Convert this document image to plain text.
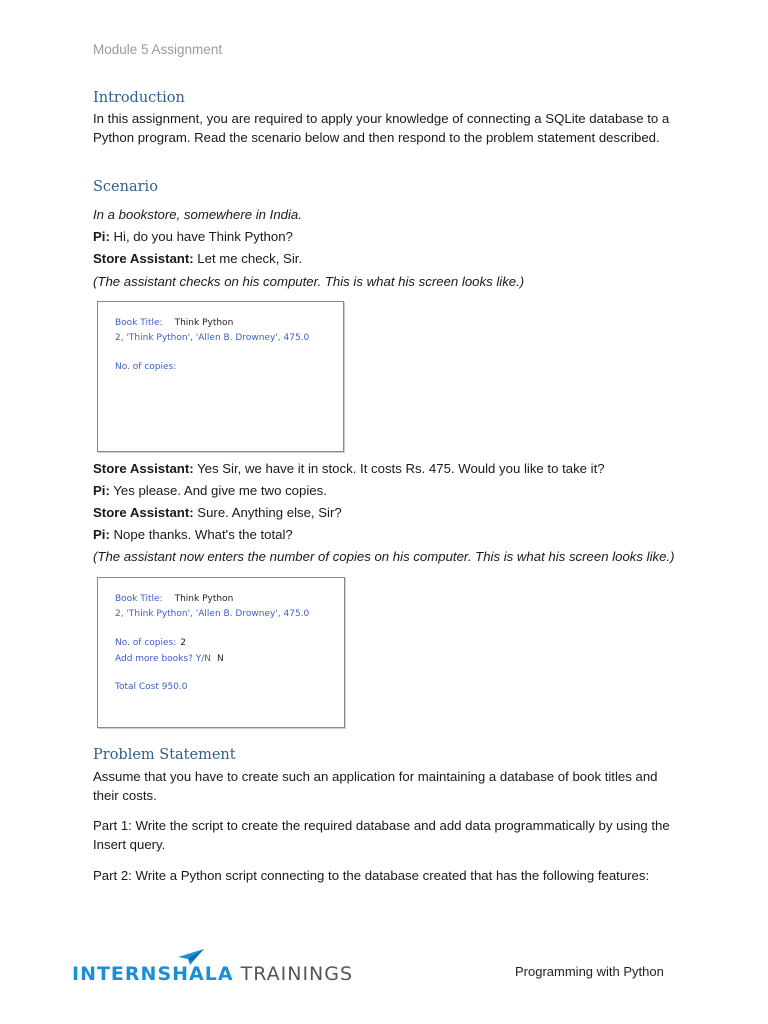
Module 5 Assignment
Introduction
In this assignment, you are required to apply your knowledge of connecting a SQLite database to a Python program. Read the scenario below and then respond to the problem statement described.
Scenario
In a bookstore, somewhere in India.
Pi: Hi, do you have Think Python?
Store Assistant: Let me check, Sir.
(The assistant checks on his computer. This is what his screen looks like.)
Book Title: Think Python
2, 'Think Python', 'Allen B. Drowney', 475.0
No. of copies:
Store Assistant: Yes Sir, we have it in stock. It costs Rs. 475. Would you like to take it?
Pi: Yes please. And give me two copies.
Store Assistant: Sure. Anything else, Sir?
Pi: Nope thanks. What's the total?
(The assistant now enters the number of copies on his computer. This is what his screen looks like.)
Book Title: Think Python
2, 'Think Python', 'Allen B. Drowney', 475.0
No. of copies: 2
Add more books? Y/N N
Total Cost 950.0
Problem Statement
Assume that you have to create such an application for maintaining a database of book titles and their costs.
Part 1: Write the script to create the required database and add data programmatically by using the Insert query.
Part 2: Write a Python script connecting to the database created that has the following features:
INTERNSHALA TRAININGS	Programming with Python
